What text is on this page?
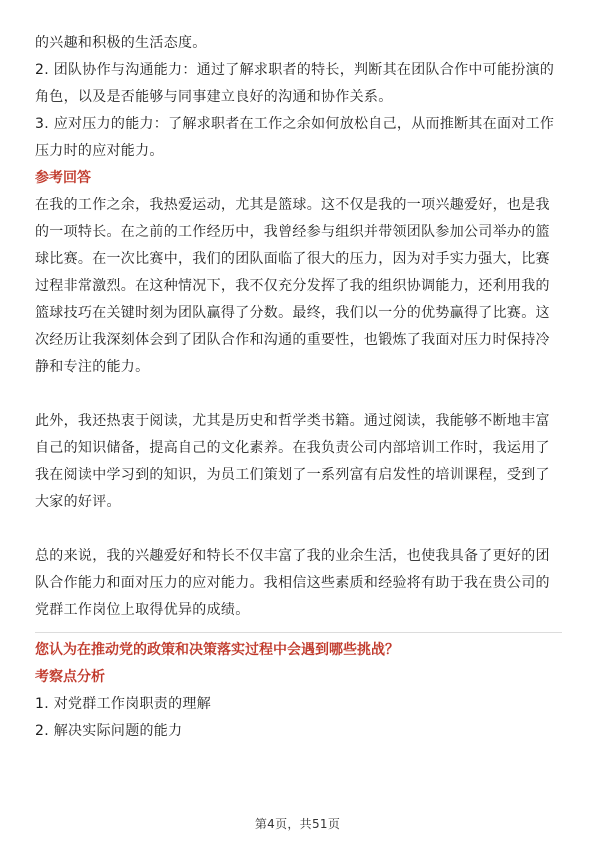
的兴趣和积极的生活态度。
2. 团队协作与沟通能力：通过了解求职者的特长，判断其在团队合作中可能扮演的
角色，以及是否能够与同事建立良好的沟通和协作关系。
3. 应对压力的能力：了解求职者在工作之余如何放松自己，从而推断其在面对工作
压力时的应对能力。
参考回答
在我的工作之余，我热爱运动，尤其是篮球。这不仅是我的一项兴趣爱好，也是我
的一项特长。在之前的工作经历中，我曾经参与组织并带领团队参加公司举办的篮
球比赛。在一次比赛中，我们的团队面临了很大的压力，因为对手实力强大，比赛
过程非常激烈。在这种情况下，我不仅充分发挥了我的组织协调能力，还利用我的
篮球技巧在关键时刻为团队赢得了分数。最终，我们以一分的优势赢得了比赛。这
次经历让我深刻体会到了团队合作和沟通的重要性，也锻炼了我面对压力时保持冷
静和专注的能力。
此外，我还热衷于阅读，尤其是历史和哲学类书籍。通过阅读，我能够不断地丰富
自己的知识储备，提高自己的文化素养。在我负责公司内部培训工作时，我运用了
我在阅读中学习到的知识，为员工们策划了一系列富有启发性的培训课程，受到了
大家的好评。
总的来说，我的兴趣爱好和特长不仅丰富了我的业余生活，也使我具备了更好的团
队合作能力和面对压力的应对能力。我相信这些素质和经验将有助于我在贵公司的
党群工作岗位上取得优异的成绩。
您认为在推动党的政策和决策落实过程中会遇到哪些挑战？
考察点分析
1. 对党群工作岗职责的理解
2. 解决实际问题的能力
第4页，共51页
